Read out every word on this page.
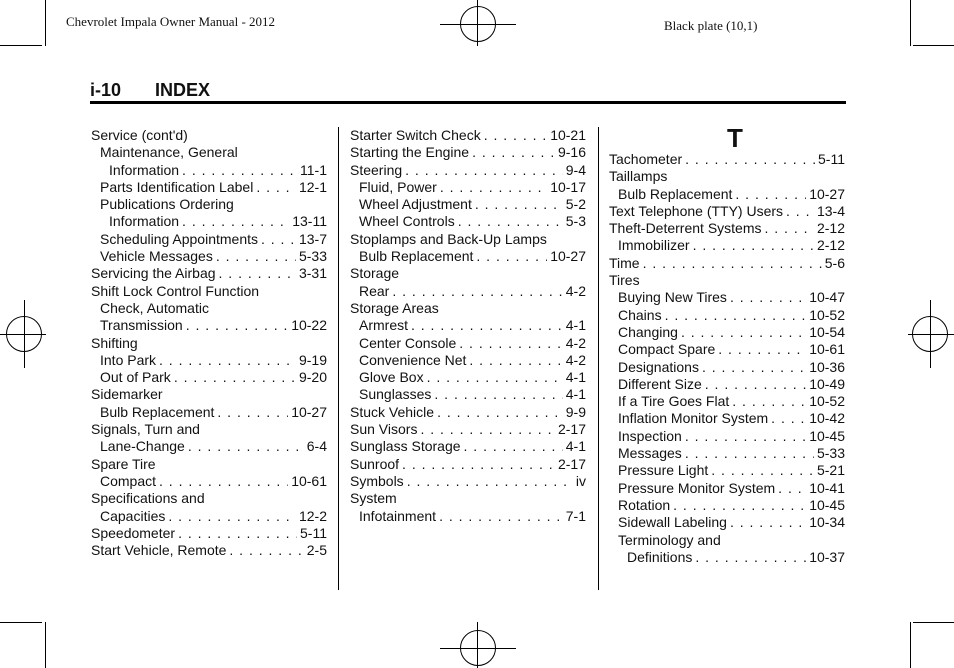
Chevrolet Impala Owner Manual - 2012	Black plate (10,1)
i-10 INDEX
Service (cont'd)
Maintenance, General
Information . . .	11-1
Parts Identification Label . . .	12-1
Publications Ordering
Information . . .	13-11
Scheduling Appointments . . .	13-7
Vehicle Messages . . .	5-33
Servicing the Airbag . . .	3-31
Shift Lock Control Function
Check, Automatic
Transmission . . .	10-22
Shifting
Into Park . . .	9-19
Out of Park . . .	9-20
Sidemarker
Bulb Replacement . . .	10-27
Signals, Turn and
Lane-Change . . .	6-4
Spare Tire
Compact . . .	10-61
Specifications and
Capacities . . .	12-2
Speedometer . . .	5-11
Start Vehicle, Remote . . .	2-5
Starter Switch Check . . .	10-21
Starting the Engine . . .	9-16
Steering . . .	9-4
Fluid, Power . . .	10-17
Wheel Adjustment . . .	5-2
Wheel Controls . . .	5-3
Stoplamps and Back-Up Lamps
Bulb Replacement . . .	10-27
Storage
Rear . . .	4-2
Storage Areas
Armrest . . .	4-1
Center Console . . .	4-2
Convenience Net . . .	4-2
Glove Box . . .	4-1
Sunglasses . . .	4-1
Stuck Vehicle . . .	9-9
Sun Visors . . .	2-17
Sunglass Storage . . .	4-1
Sunroof . . .	2-17
Symbols . . .	iv
System
Infotainment . . .	7-1
T
Tachometer . . .	5-11
Taillamps
Bulb Replacement . . .	10-27
Text Telephone (TTY) Users . . . 13-4
Theft-Deterrent Systems . . .	2-12
Immobilizer . . .	2-12
Time . . .	5-6
Tires
Buying New Tires . . .	10-47
Chains . . .	10-52
Changing . . .	10-54
Compact Spare . . .	10-61
Designations . . .	10-36
Different Size . . .	10-49
If a Tire Goes Flat . . .	10-52
Inflation Monitor System . . .	10-42
Inspection . . .	10-45
Messages . . .	5-33
Pressure Light . . .	5-21
Pressure Monitor System . . . 10-41
Rotation . . .	10-45
Sidewall Labeling . . .	10-34
Terminology and
Definitions . . .	10-37
